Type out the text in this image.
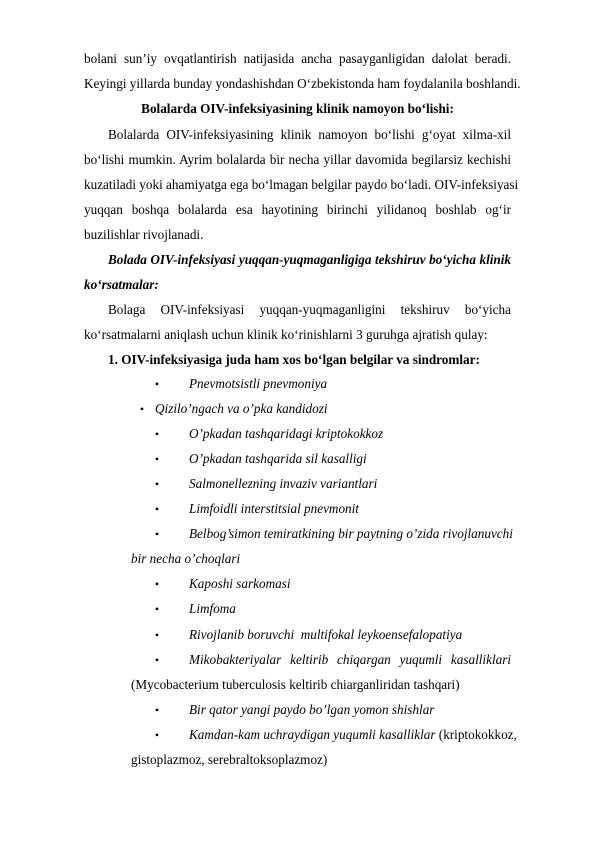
bolani sun’iy ovqatlantirish natijasida ancha pasayganligidan dalolat beradi.
Keyingi yillarda bunday yondashishdan O‘zbekistonda ham foydalanila boshlandi.
Bolalarda OIV-infeksiyasining klinik namoyon bo‘lishi:
Bolalarda OIV-infeksiyasining klinik namoyon bo‘lishi g‘oyat xilma-xil
bo‘lishi mumkin. Ayrim bolalarda bir necha yillar davomida begilarsiz kechishi
kuzatiladi yoki ahamiyatga ega bo‘lmagan belgilar paydo bo‘ladi. OIV-infeksiyasi
yuqqan boshqa bolalarda esa hayotining birinchi yilidanoq boshlab og‘ir
buzilishlar rivojlanadi.
Bolada OIV-infeksiyasi yuqqan-yuqmaganligiga tekshiruv bo‘yicha klinik
ko‘rsatmalar:
Bolaga OIV-infeksiyasi yuqqan-yuqmaganligini tekshiruv bo‘yicha
ko‘rsatmalarni aniqlash uchun klinik ko‘rinishlarni 3 guruhga ajratish qulay:
1. OIV-infeksiyasiga juda ham xos bo‘lgan belgilar va sindromlar:
• Pnevmotsistli pnevmoniya
• Qizilo’ngach va o’pka kandidozi
• O’pkadan tashqaridagi kriptokokkoz
• O’pkadan tashqarida sil kasalligi
• Salmonellezning invaziv variantlari
• Limfoidli interstitsial pnevmonit
• Belbog’simon temiratkining bir paytning o’zida rivojlanuvchi
bir necha o’choqlari
• Kaposhi sarkomasi
• Limfoma
• Rivojlanib boruvchi  multifokal leykoensefalopatiya
• Mikobakteriyalar keltirib chiqargan yuqumli kasalliklari
(Mycobacterium tuberculosis keltirib chiarganliridan tashqari)
• Bir qator yangi paydo bo’lgan yomon shishlar
• Kamdan-kam uchraydigan yuqumli kasalliklar (kriptokokkoz,
gistoplazmoz, serebraltoksoplazmoz)
